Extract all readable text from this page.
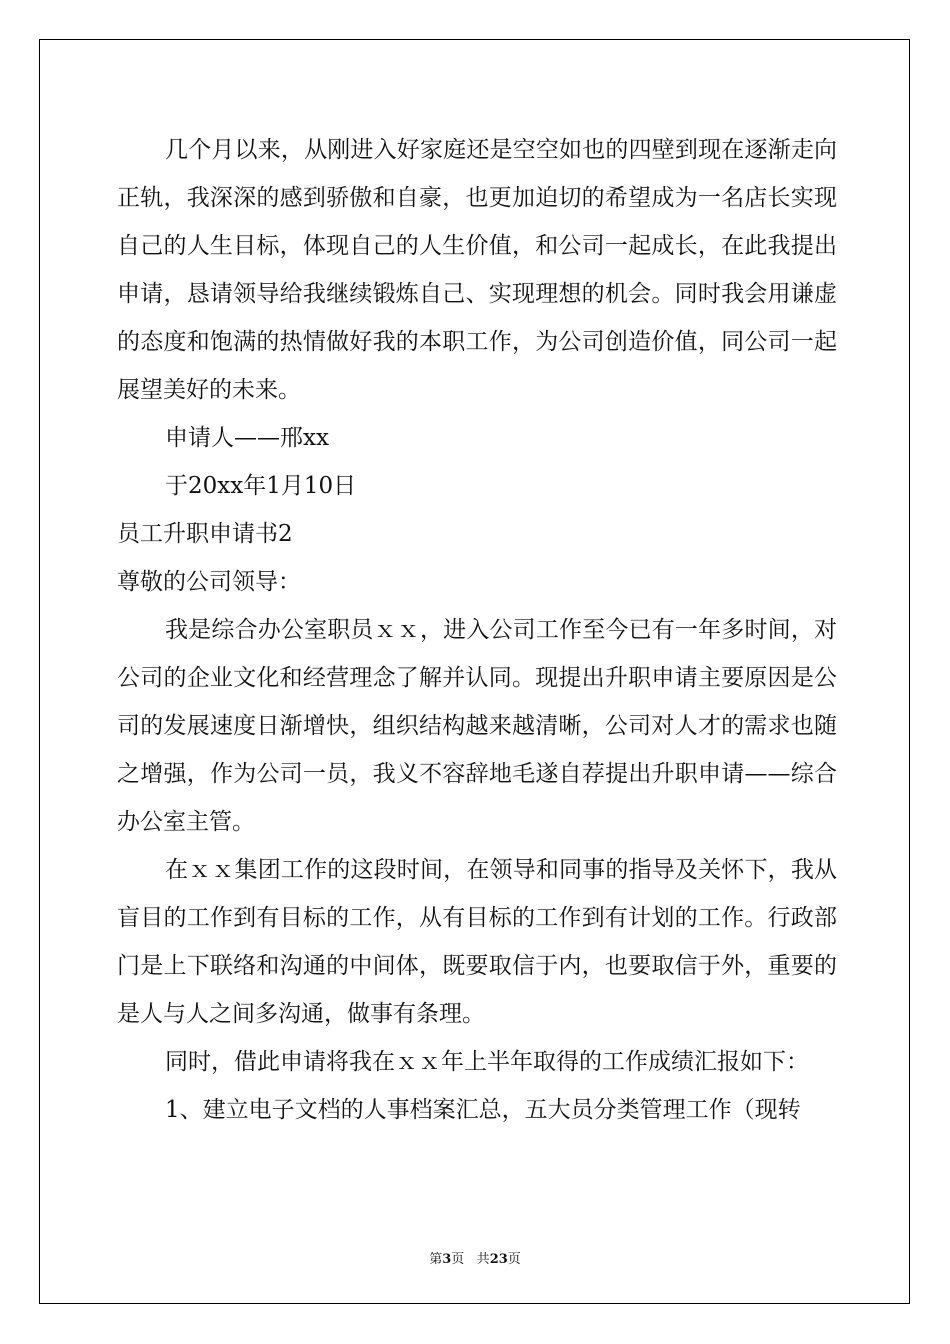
几个月以来，从刚进入好家庭还是空空如也的四壁到现在逐渐走向正轨，我深深的感到骄傲和自豪，也更加迫切的希望成为一名店长实现自己的人生目标，体现自己的人生价值，和公司一起成长，在此我提出申请，恳请领导给我继续锻炼自己、实现理想的机会。同时我会用谦虚的态度和饱满的热情做好我的本职工作，为公司创造价值，同公司一起展望美好的未来。

申请人——邢xx

于20xx年1月10日

员工升职申请书2

尊敬的公司领导：

我是综合办公室职员ｘｘ，进入公司工作至今已有一年多时间，对公司的企业文化和经营理念了解并认同。现提出升职申请主要原因是公司的发展速度日渐增快，组织结构越来越清晰，公司对人才的需求也随之增强，作为公司一员，我义不容辞地毛遂自荐提出升职申请——综合办公室主管。

在ｘｘ集团工作的这段时间，在领导和同事的指导及关怀下，我从盲目的工作到有目标的工作，从有目标的工作到有计划的工作。行政部门是上下联络和沟通的中间体，既要取信于内，也要取信于外，重要的是人与人之间多沟通，做事有条理。

同时，借此申请将我在ｘｘ年上半年取得的工作成绩汇报如下：

1、建立电子文档的人事档案汇总，五大员分类管理工作（现转

第3页 共23页
